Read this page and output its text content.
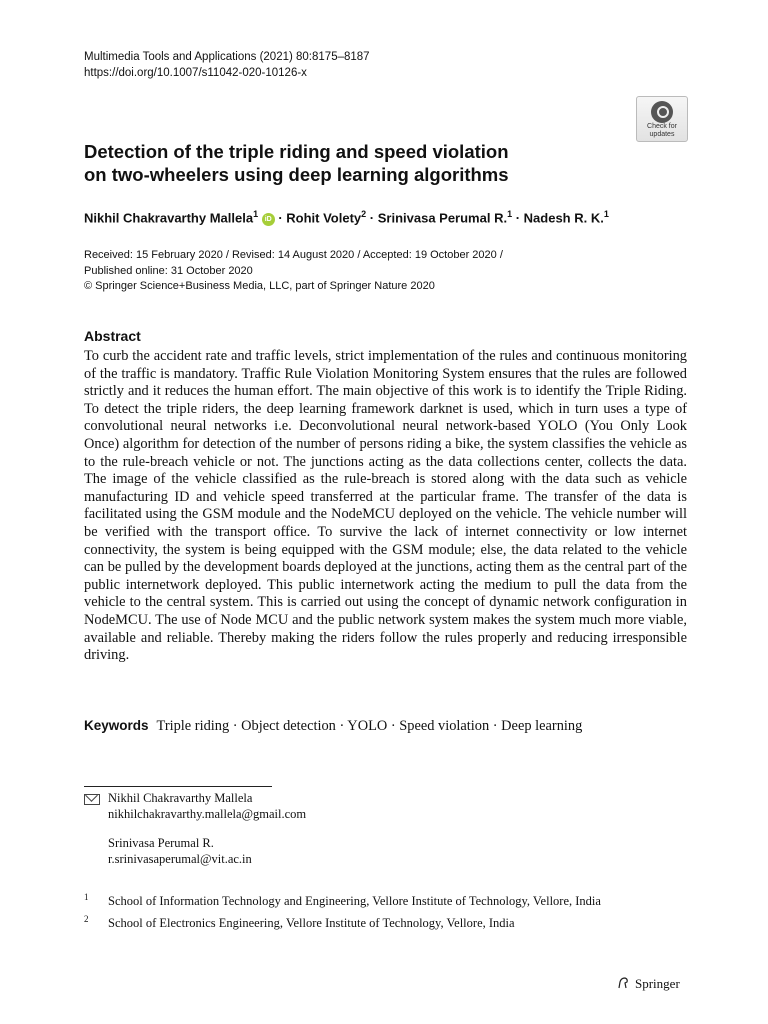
Multimedia Tools and Applications (2021) 80:8175–8187
https://doi.org/10.1007/s11042-020-10126-x
Check for
updates
Detection of the triple riding and speed violation
on two-wheelers using deep learning algorithms
Nikhil Chakravarthy Mallela$^1$ iD · Rohit Volety$^2$ · Srinivasa Perumal R.$^1$ · Nadesh R. K.$^1$
Received: 15 February 2020 / Revised: 14 August 2020 / Accepted: 19 October 2020 /
Published online: 31 October 2020
© Springer Science+Business Media, LLC, part of Springer Nature 2020
Abstract
To curb the accident rate and traffic levels, strict implementation of the rules and continuous monitoring of the traffic is mandatory. Traffic Rule Violation Monitoring System ensures that the rules are followed strictly and it reduces the human effort. The main objective of this work is to identify the Triple Riding. To detect the triple riders, the deep learning framework darknet is used, which in turn uses a type of convolutional neural networks i.e. Deconvolutional neural network-based YOLO (You Only Look Once) algorithm for detection of the number of persons riding a bike, the system classifies the vehicle as to the rule-breach vehicle or not. The junctions acting as the data collections center, collects the data. The image of the vehicle classified as the rule-breach is stored along with the data such as vehicle manufacturing ID and vehicle speed transferred at the particular frame. The transfer of the data is facilitated using the GSM module and the NodeMCU deployed on the vehicle. The vehicle number will be verified with the transport office. To survive the lack of internet connectivity or low internet connectivity, the system is being equipped with the GSM module; else, the data related to the vehicle can be pulled by the development boards deployed at the junctions, acting them as the central part of the public internetwork deployed. This public internetwork acting the medium to pull the data from the vehicle to the central system. This is carried out using the concept of dynamic network configuration in NodeMCU. The use of Node MCU and the public network system makes the system much more viable, available and reliable. Thereby making the riders follow the rules properly and reducing irresponsible driving.
Keywords Triple riding · Object detection · YOLO · Speed violation · Deep learning
Nikhil Chakravarthy Mallela
nikhilchakravarthy.mallela@gmail.com
Srinivasa Perumal R.
r.srinivasaperumal@vit.ac.in
1 School of Information Technology and Engineering, Vellore Institute of Technology, Vellore, India
2 School of Electronics Engineering, Vellore Institute of Technology, Vellore, India
Springer
